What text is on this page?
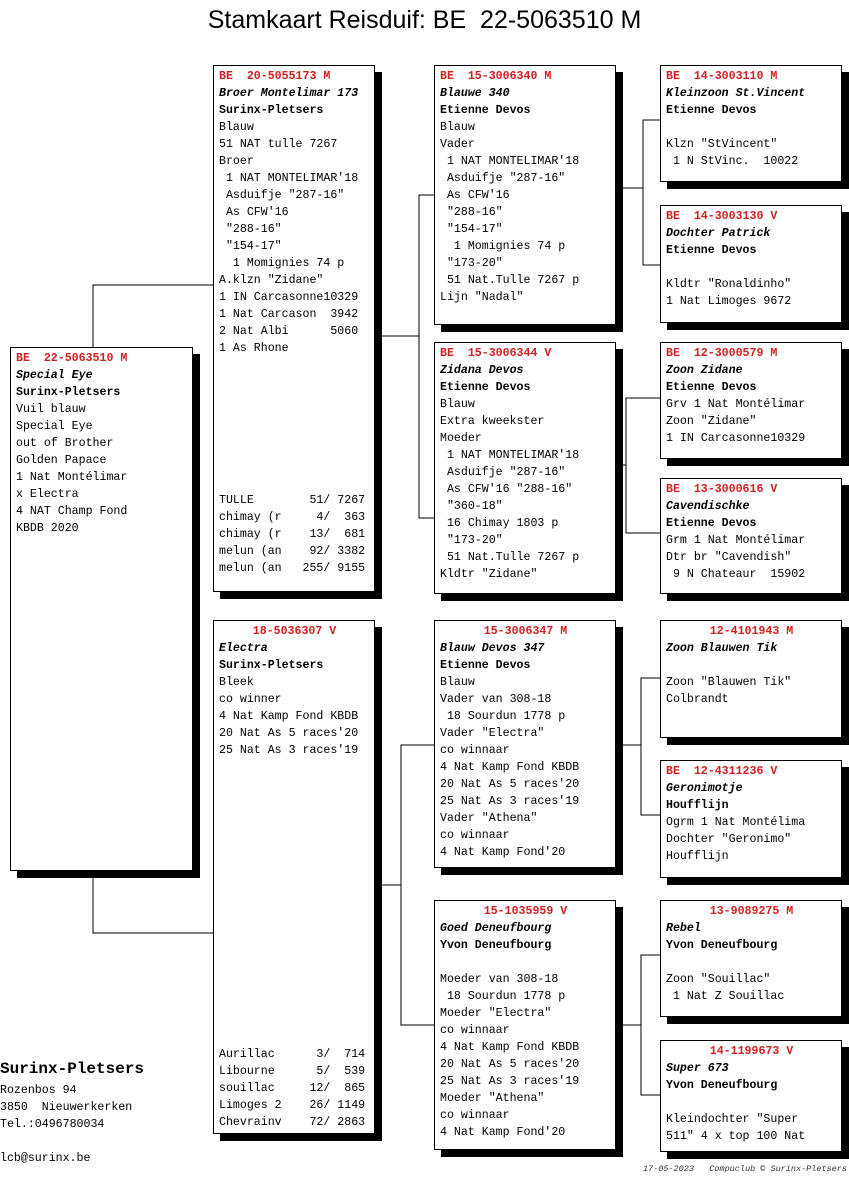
Stamkaart Reisduif: BE  22-5063510 M
BE  22-5063510 M
Special Eye
Surinx-Pletsers
Vuil blauw
Special Eye
out of Brother
Golden Papace
1 Nat Montélimar
x Electra
4 NAT Champ Fond
KBDB 2020
BE  20-5055173 M
Broer Montelimar 173
Surinx-Pletsers
Blauw
51 NAT tulle 7267
Broer
1 NAT MONTELIMAR'18
Asduifje "287-16"
As CFW'16
"288-16"
"154-17"
1 Momignies 74 p
A.klzn "Zidane"
1 IN Carcasonne10329
1 Nat Carcason  3942
2 Nat Albi      5060
1 As Rhone
TULLE        51/ 7267
chimay (r     4/  363
chimay (r    13/  681
melun (an    92/ 3382
melun (an   255/ 9155
18-5036307 V
Electra
Surinx-Pletsers
Bleek
co winner
4 Nat Kamp Fond KBDB
20 Nat As 5 races'20
25 Nat As 3 races'19
Aurillac      3/  714
Libourne      5/  539
souillac     12/  865
Limoges 2    26/ 1149
Chevrainv    72/ 2863
BE  15-3006340 M
Blauwe 340
Etienne Devos
Blauw
Vader
1 NAT MONTELIMAR'18
Asduifje "287-16"
As CFW'16
"288-16"
"154-17"
1 Momignies 74 p
"173-20"
51 Nat.Tulle 7267 p
Lijn "Nadal"
BE  15-3006344 V
Zidana Devos
Etienne Devos
Blauw
Extra kweekster
Moeder
1 NAT MONTELIMAR'18
Asduifje "287-16"
As CFW'16 "288-16"
"360-18"
16 Chimay 1803 p
"173-20"
51 Nat.Tulle 7267 p
Kldtr "Zidane"
15-3006347 M
Blauw Devos 347
Etienne Devos
Blauw
Vader van 308-18
18 Sourdun 1778 p
Vader "Electra"
co winnaar
4 Nat Kamp Fond KBDB
20 Nat As 5 races'20
25 Nat As 3 races'19
Vader "Athena"
co winnaar
4 Nat Kamp Fond'20
15-1035959 V
Goed Deneufbourg
Yvon Deneufbourg
Moeder van 308-18
18 Sourdun 1778 p
Moeder "Electra"
co winnaar
4 Nat Kamp Fond KBDB
20 Nat As 5 races'20
25 Nat As 3 races'19
Moeder "Athena"
co winnaar
4 Nat Kamp Fond'20
BE  14-3003110 M
Kleinzoon St.Vincent
Etienne Devos
Klzn "StVincent"
1 N StVinc.  10022
BE  14-3003130 V
Dochter Patrick
Etienne Devos
Kldtr "Ronaldinho"
1 Nat Limoges 9672
BE  12-3000579 M
Zoon Zidane
Etienne Devos
Grv 1 Nat Montélimar
Zoon "Zidane"
1 IN Carcasonne10329
BE  13-3000616 V
Cavendischke
Etienne Devos
Grm 1 Nat Montélimar
Dtr br "Cavendish"
9 N Chateaur  15902
12-4101943 M
Zoon Blauwen Tik
Zoon "Blauwen Tik"
Colbrandt
BE  12-4311236 V
Geronimotje
Houfflijn
Ogrm 1 Nat Montélima
Dochter "Geronimo"
Houfflijn
13-9089275 M
Rebel
Yvon Deneufbourg
Zoon "Souillac"
1 Nat Z Souillac
14-1199673 V
Super 673
Yvon Deneufbourg
Kleindochter "Super
511" 4 x top 100 Nat
Surinx-Pletsers
Rozenbos 94
3850  Nieuwerkerken
Tel.:0496780034

lcb@surinx.be
17-05-2023   Compuclub © Surinx-Pletsers
